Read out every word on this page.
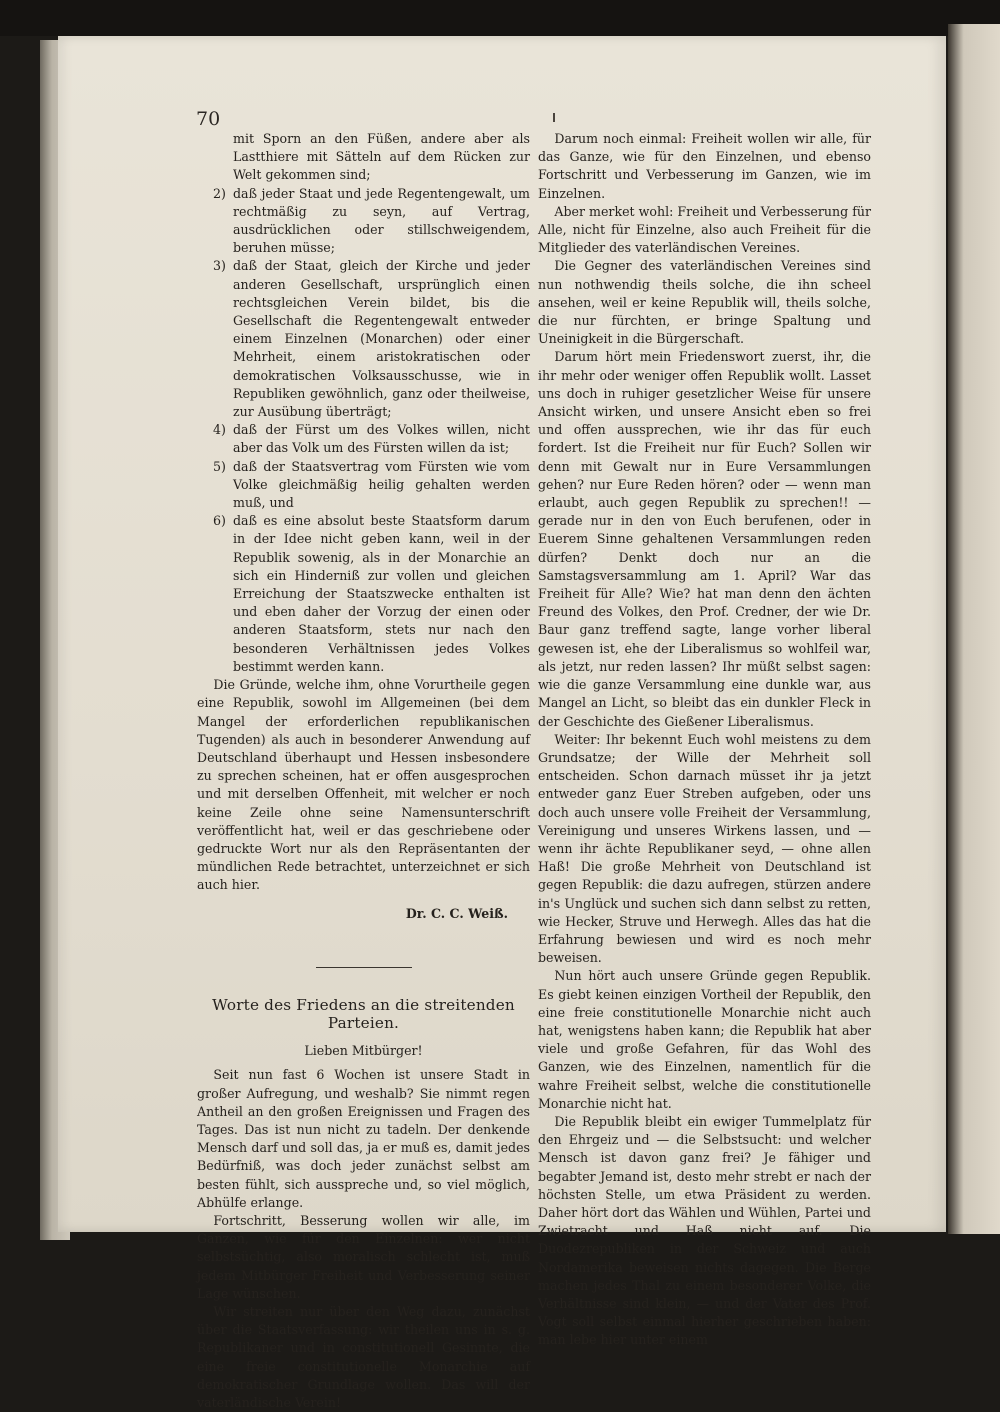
70

mit Sporn an den Füßen, andere aber als Lastthiere mit Sätteln auf dem Rücken zur Welt gekommen sind;

2) daß jeder Staat und jede Regentengewalt, um rechtmäßig zu seyn, auf Vertrag, ausdrücklichen oder stillschweigendem, beruhen müsse;
3) daß der Staat, gleich der Kirche und jeder anderen Gesellschaft, ursprünglich einen rechtsgleichen Verein bildet, bis die Gesellschaft die Regentengewalt entweder einem Einzelnen (Monarchen) oder einer Mehrheit, einem aristokratischen oder demokratischen Volksausschusse, wie in Republiken gewöhnlich, ganz oder theilweise, zur Ausübung überträgt;
4) daß der Fürst um des Volkes willen, nicht aber das Volk um des Fürsten willen da ist;
5) daß der Staatsvertrag vom Fürsten wie vom Volke gleichmäßig heilig gehalten werden muß, und
6) daß es eine absolut beste Staatsform darum in der Idee nicht geben kann, weil in der Republik sowenig, als in der Monarchie an sich ein Hinderniß zur vollen und gleichen Erreichung der Staatszwecke enthalten ist und eben daher der Vorzug der einen oder anderen Staatsform, stets nur nach den besonderen Verhältnissen jedes Volkes bestimmt werden kann.

Die Gründe, welche ihm, ohne Vorurtheile gegen eine Republik, sowohl im Allgemeinen (bei dem Mangel der erforderlichen republikanischen Tugenden) als auch in besonderer Anwendung auf Deutschland überhaupt und Hessen insbesondere zu sprechen scheinen, hat er offen ausgesprochen und mit derselben Offenheit, mit welcher er noch keine Zeile ohne seine Namensunterschrift veröffentlicht hat, weil er das geschriebene oder gedruckte Wort nur als den Repräsentanten der mündlichen Rede betrachtet, unterzeichnet er sich auch hier.

Dr. C. C. Weiß.

Worte des Friedens an die streitenden Parteien.

Lieben Mitbürger!

Seit nun fast 6 Wochen ist unsere Stadt in großer Aufregung, und weshalb? Sie nimmt regen Antheil an den großen Ereignissen und Fragen des Tages. Das ist nun nicht zu tadeln. Der denkende Mensch darf und soll das, ja er muß es, damit jedes Bedürfniß, was doch jeder zunächst selbst am besten fühlt, sich ausspreche und, so viel möglich, Abhülfe erlange.

Fortschritt, Besserung wollen wir alle, im Ganzen, wie für den Einzelnen: wer nicht selbstsüchtig, also moralisch schlecht ist, muß jedem Mitbürger Freiheit und Verbesserung seiner Lage wünschen.

Wir streiten nur über den Weg dazu, zunächst über die Staatsverfassung: wir theilen uns in s. g. Republikaner und in constitutionell Gesinnte, die eine freie constitutionelle Monarchie auf demokratischer Grundlage wollen. Das will der vaterländische Verein!

Darum noch einmal: Freiheit wollen wir alle, für das Ganze, wie für den Einzelnen, und ebenso Fortschritt und Verbesserung im Ganzen, wie im Einzelnen.

Aber merket wohl: Freiheit und Verbesserung für Alle, nicht für Einzelne, also auch Freiheit für die Mitglieder des vaterländischen Vereines.

Die Gegner des vaterländischen Vereines sind nun nothwendig theils solche, die ihn scheel ansehen, weil er keine Republik will, theils solche, die nur fürchten, er bringe Spaltung und Uneinigkeit in die Bürgerschaft.

Darum hört mein Friedenswort zuerst, ihr, die ihr mehr oder weniger offen Republik wollt. Lasset uns doch in ruhiger gesetzlicher Weise für unsere Ansicht wirken, und unsere Ansicht eben so frei und offen aussprechen, wie ihr das für euch fordert. Ist die Freiheit nur für Euch? Sollen wir denn mit Gewalt nur in Eure Versammlungen gehen? nur Eure Reden hören? oder — wenn man erlaubt, auch gegen Republik zu sprechen!! — gerade nur in den von Euch berufenen, oder in Euerem Sinne gehaltenen Versammlungen reden dürfen? Denkt doch nur an die Samstagsversammlung am 1. April? War das Freiheit für Alle? Wie? hat man denn den ächten Freund des Volkes, den Prof. Credner, der wie Dr. Baur ganz treffend sagte, lange vorher liberal gewesen ist, ehe der Liberalismus so wohlfeil war, als jetzt, nur reden lassen? Ihr müßt selbst sagen: wie die ganze Versammlung eine dunkle war, aus Mangel an Licht, so bleibt das ein dunkler Fleck in der Geschichte des Gießener Liberalismus.

Weiter: Ihr bekennt Euch wohl meistens zu dem Grundsatze; der Wille der Mehrheit soll entscheiden. Schon darnach müsset ihr ja jetzt entweder ganz Euer Streben aufgeben, oder uns doch auch unsere volle Freiheit der Versammlung, Vereinigung und unseres Wirkens lassen, und — wenn ihr ächte Republikaner seyd, — ohne allen Haß! Die große Mehrheit von Deutschland ist gegen Republik: die dazu aufregen, stürzen andere in's Unglück und suchen sich dann selbst zu retten, wie Hecker, Struve und Herwegh. Alles das hat die Erfahrung bewiesen und wird es noch mehr beweisen.

Nun hört auch unsere Gründe gegen Republik. Es giebt keinen einzigen Vortheil der Republik, den eine freie constitutionelle Monarchie nicht auch hat, wenigstens haben kann; die Republik hat aber viele und große Gefahren, für das Wohl des Ganzen, wie des Einzelnen, namentlich für die wahre Freiheit selbst, welche die constitutionelle Monarchie nicht hat.

Die Republik bleibt ein ewiger Tummelplatz für den Ehrgeiz und — die Selbstsucht: und welcher Mensch ist davon ganz frei? Je fähiger und begabter Jemand ist, desto mehr strebt er nach der höchsten Stelle, um etwa Präsident zu werden. Daher hört dort das Wählen und Wühlen, Partei und Zwietracht und Haß nicht auf. Die Duodezrepubliken in der Schweiz und auch Nordamerika beweisen nichts dagegen. Die Berge machen jedes Thal zu einem besonderer Volke, die Verhältnisse sind klein, — und der Vater des Prof. Vogt soll selbst einmal hierher geschrieben haben: man lebe hier unter einem
